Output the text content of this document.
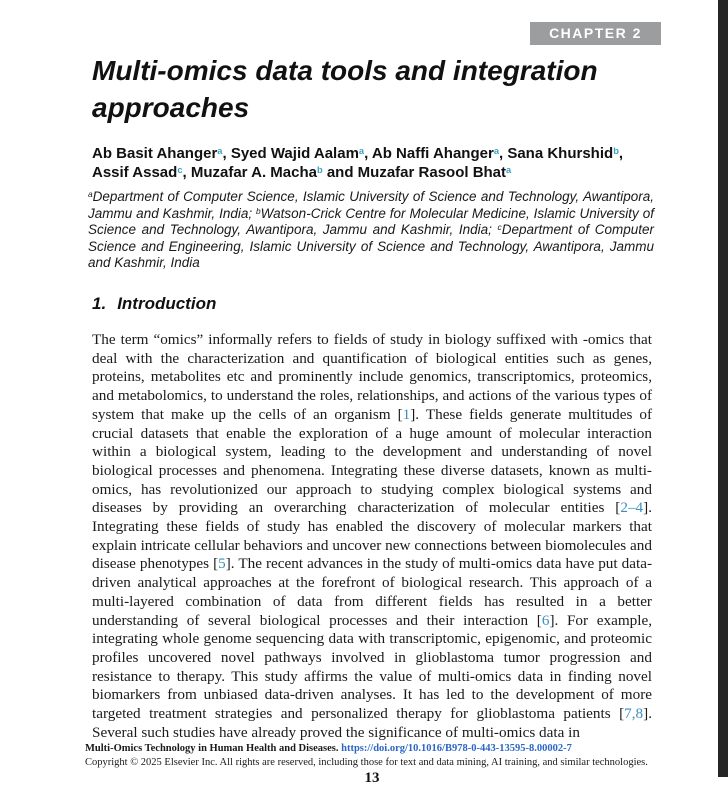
CHAPTER 2
Multi-omics data tools and integration approaches

Ab Basit Ahanger$^a$, Syed Wajid Aalam$^a$, Ab Naffi Ahanger$^a$, Sana Khurshid$^b$, Assif Assad$^c$, Muzafar A. Macha$^b$ and Muzafar Rasool Bhat$^a$

$^a$Department of Computer Science, Islamic University of Science and Technology, Awantipora, Jammu and Kashmir, India; $^b$Watson-Crick Centre for Molecular Medicine, Islamic University of Science and Technology, Awantipora, Jammu and Kashmir, India; $^c$Department of Computer Science and Engineering, Islamic University of Science and Technology, Awantipora, Jammu and Kashmir, India

1. Introduction

The term “omics” informally refers to fields of study in biology suffixed with -omics that deal with the characterization and quantification of biological entities such as genes, proteins, metabolites etc and prominently include genomics, transcriptomics, proteomics, and metabolomics, to understand the roles, relationships, and actions of the various types of system that make up the cells of an organism [1]. These fields generate multitudes of crucial datasets that enable the exploration of a huge amount of molecular interaction within a biological system, leading to the development and understanding of novel biological processes and phenomena. Integrating these diverse datasets, known as multi-omics, has revolutionized our approach to studying complex biological systems and diseases by providing an overarching characterization of molecular entities [2–4]. Integrating these fields of study has enabled the discovery of molecular markers that explain intricate cellular behaviors and uncover new connections between biomolecules and disease phenotypes [5]. The recent advances in the study of multi-omics data have put data-driven analytical approaches at the forefront of biological research. This approach of a multi-layered combination of data from different fields has resulted in a better understanding of several biological processes and their interaction [6]. For example, integrating whole genome sequencing data with transcriptomic, epigenomic, and proteomic profiles uncovered novel pathways involved in glioblastoma tumor progression and resistance to therapy. This study affirms the value of multi-omics data in finding novel biomarkers from unbiased data-driven analyses. It has led to the development of more targeted treatment strategies and personalized therapy for glioblastoma patients [7,8]. Several such studies have already proved the significance of multi-omics data in

Multi-Omics Technology in Human Health and Diseases. https://doi.org/10.1016/B978-0-443-13595-8.00002-7
Copyright © 2025 Elsevier Inc. All rights are reserved, including those for text and data mining, AI training, and similar technologies.
13
